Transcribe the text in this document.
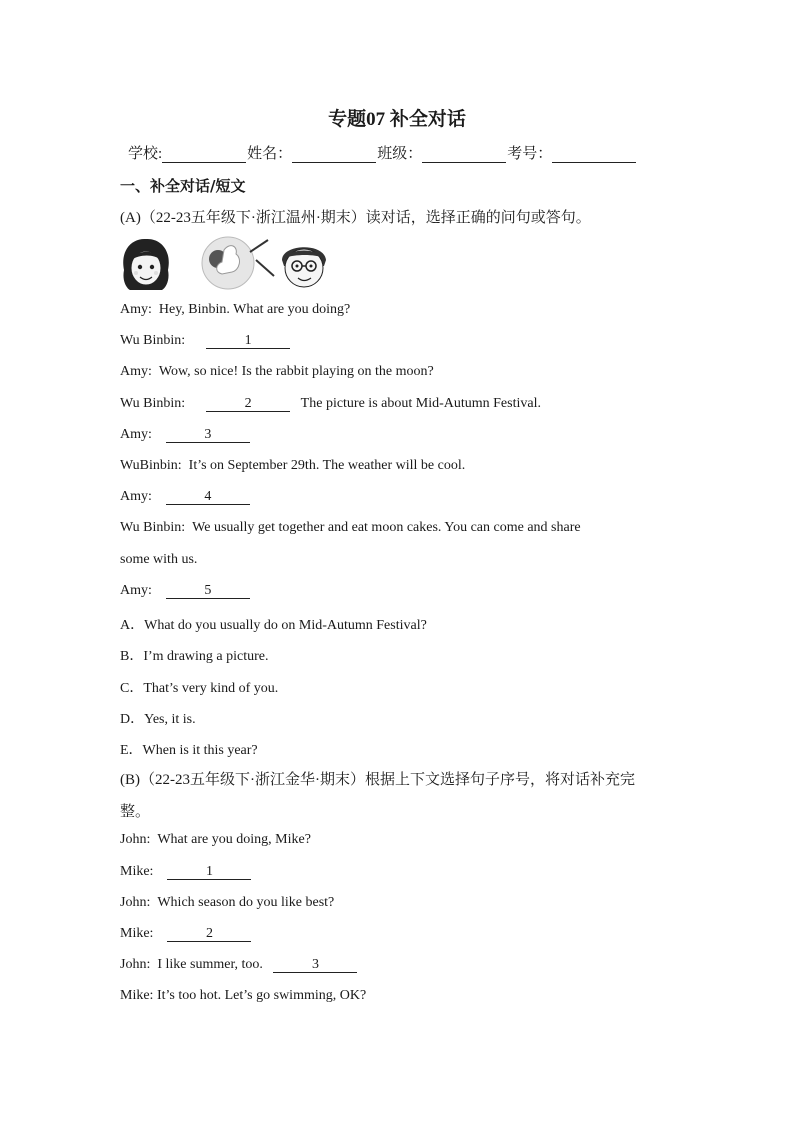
专题07 补全对话
学校:	姓名：	班级：	考号：
一、补全对话/短文
(A)（22-23五年级下·浙江温州·期末）读对话，选择正确的问句或答句。
Amy: Hey, Binbin. What are you doing?
Wu Binbin:	1
Amy: Wow, so nice! Is the rabbit playing on the moon?
Wu Binbin:	2	The picture is about Mid-Autumn Festival.
Amy:	3
WuBinbin: It’s on September 29th. The weather will be cool.
Amy:	4
Wu Binbin: We usually get together and eat moon cakes. You can come and share
some with us.
Amy:	5
A．What do you usually do on Mid-Autumn Festival?
B．I’m drawing a picture.
C．That’s very kind of you.
D．Yes, it is.
E．When is it this year?
(B)（22-23五年级下·浙江金华·期末）根据上下文选择句子序号，将对话补充完
整。
John: What are you doing, Mike?
Mike:	1
John: Which season do you like best?
Mike:	2
John: I like summer, too.	3
Mike: It’s too hot. Let’s go swimming, OK?
